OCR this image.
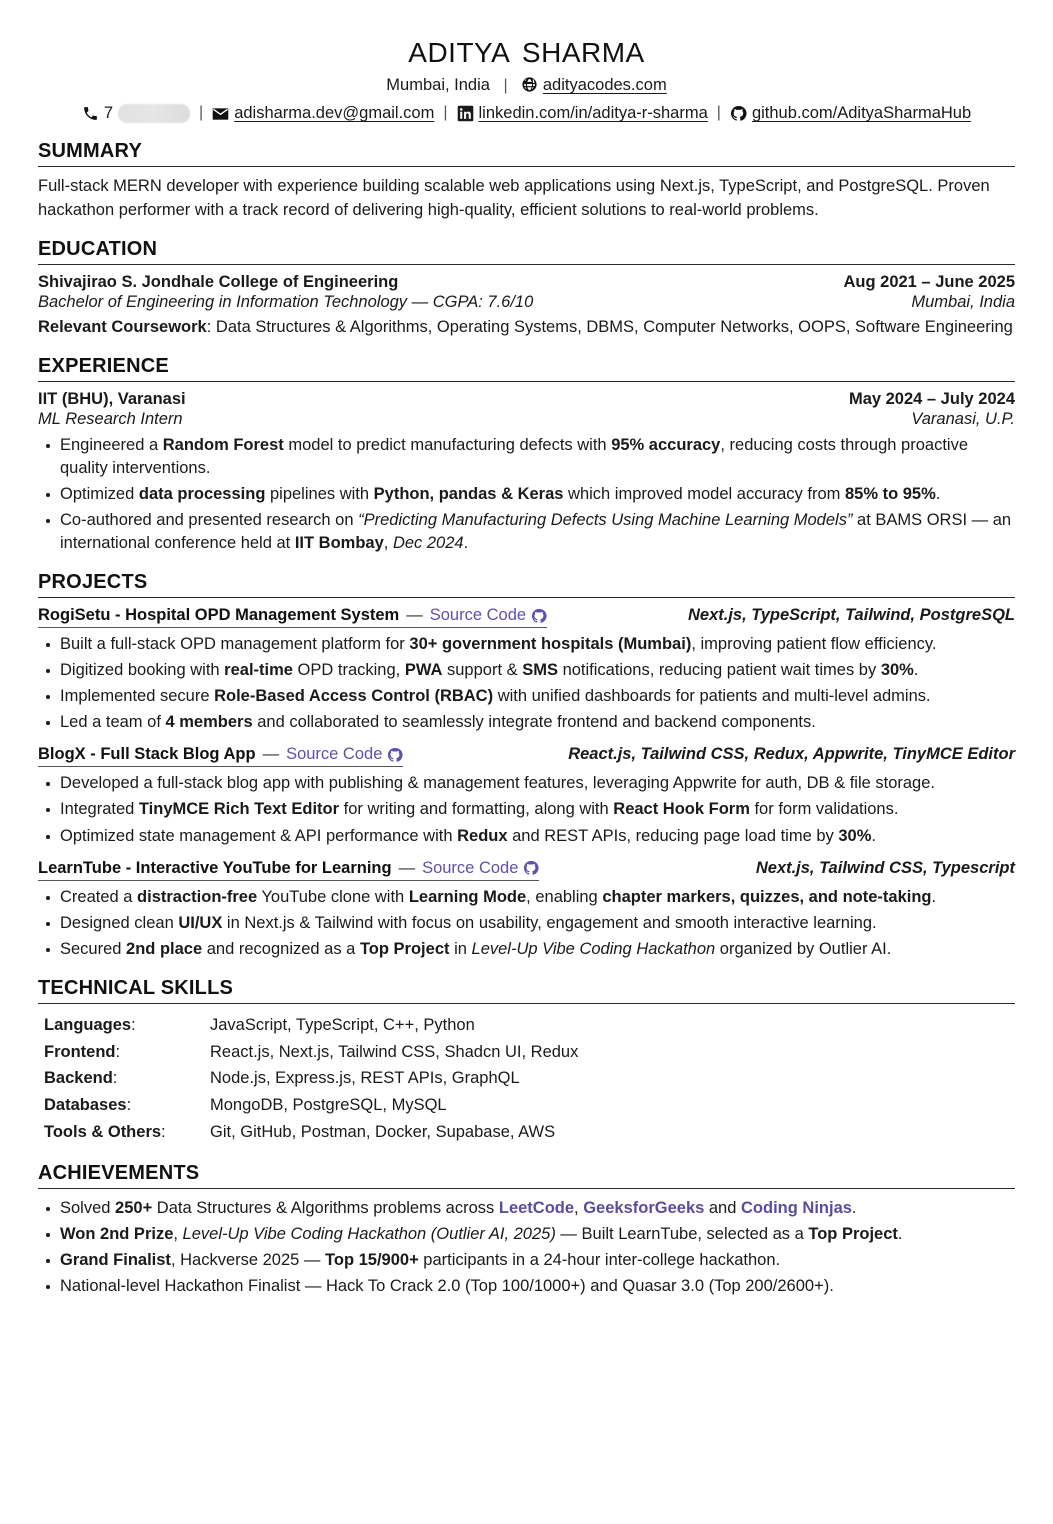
aditya sharma
Mumbai, India | adityacodes.com
7	|	adisharma.dev@gmail.com |	linkedin.com/in/aditya-r-sharma |	github.com/AdityaSharmaHub
SUMMARY
Full-stack MERN developer with experience building scalable web applications using Next.js, TypeScript, and PostgreSQL. Proven hackathon performer with a track record of delivering high-quality, efficient solutions to real-world problems.
EDUCATION
Shivajirao S. Jondhale College of Engineering	Aug 2021 – June 2025
Bachelor of Engineering in Information Technology — CGPA: 7.6/10	Mumbai, India
Relevant Coursework: Data Structures & Algorithms, Operating Systems, DBMS, Computer Networks, OOPS, Software Engineering
EXPERIENCE
IIT (BHU), Varanasi	May 2024 – July 2024
ML Research Intern	Varanasi, U.P.
Engineered a Random Forest model to predict manufacturing defects with 95% accuracy, reducing costs through proactive quality interventions.
Optimized data processing pipelines with Python, pandas & Keras which improved model accuracy from 85% to 95%.
Co-authored and presented research on “Predicting Manufacturing Defects Using Machine Learning Models” at BAMS ORSI — an international conference held at IIT Bombay, Dec 2024.
PROJECTS
RogiSetu - Hospital OPD Management System — Source Code	Next.js, TypeScript, Tailwind, PostgreSQL
Built a full-stack OPD management platform for 30+ government hospitals (Mumbai), improving patient flow efficiency.
Digitized booking with real-time OPD tracking, PWA support & SMS notifications, reducing patient wait times by 30%.
Implemented secure Role-Based Access Control (RBAC) with unified dashboards for patients and multi-level admins.
Led a team of 4 members and collaborated to seamlessly integrate frontend and backend components.
BlogX - Full Stack Blog App — Source Code	React.js, Tailwind CSS, Redux, Appwrite, TinyMCE Editor
Developed a full-stack blog app with publishing & management features, leveraging Appwrite for auth, DB & file storage.
Integrated TinyMCE Rich Text Editor for writing and formatting, along with React Hook Form for form validations.
Optimized state management & API performance with Redux and REST APIs, reducing page load time by 30%.
LearnTube - Interactive YouTube for Learning — Source Code	Next.js, Tailwind CSS, Typescript
Created a distraction-free YouTube clone with Learning Mode, enabling chapter markers, quizzes, and note-taking.
Designed clean UI/UX in Next.js & Tailwind with focus on usability, engagement and smooth interactive learning.
Secured 2nd place and recognized as a Top Project in Level-Up Vibe Coding Hackathon organized by Outlier AI.
TECHNICAL SKILLS
Languages:	JavaScript, TypeScript, C++, Python
Frontend:	React.js, Next.js, Tailwind CSS, Shadcn UI, Redux
Backend:	Node.js, Express.js, REST APIs, GraphQL
Databases:	MongoDB, PostgreSQL, MySQL
Tools & Others:	Git, GitHub, Postman, Docker, Supabase, AWS
ACHIEVEMENTS
Solved 250+ Data Structures & Algorithms problems across LeetCode, GeeksforGeeks and Coding Ninjas.
Won 2nd Prize, Level-Up Vibe Coding Hackathon (Outlier AI, 2025) — Built LearnTube, selected as a Top Project.
Grand Finalist, Hackverse 2025 — Top 15/900+ participants in a 24-hour inter-college hackathon.
National-level Hackathon Finalist — Hack To Crack 2.0 (Top 100/1000+) and Quasar 3.0 (Top 200/2600+).
